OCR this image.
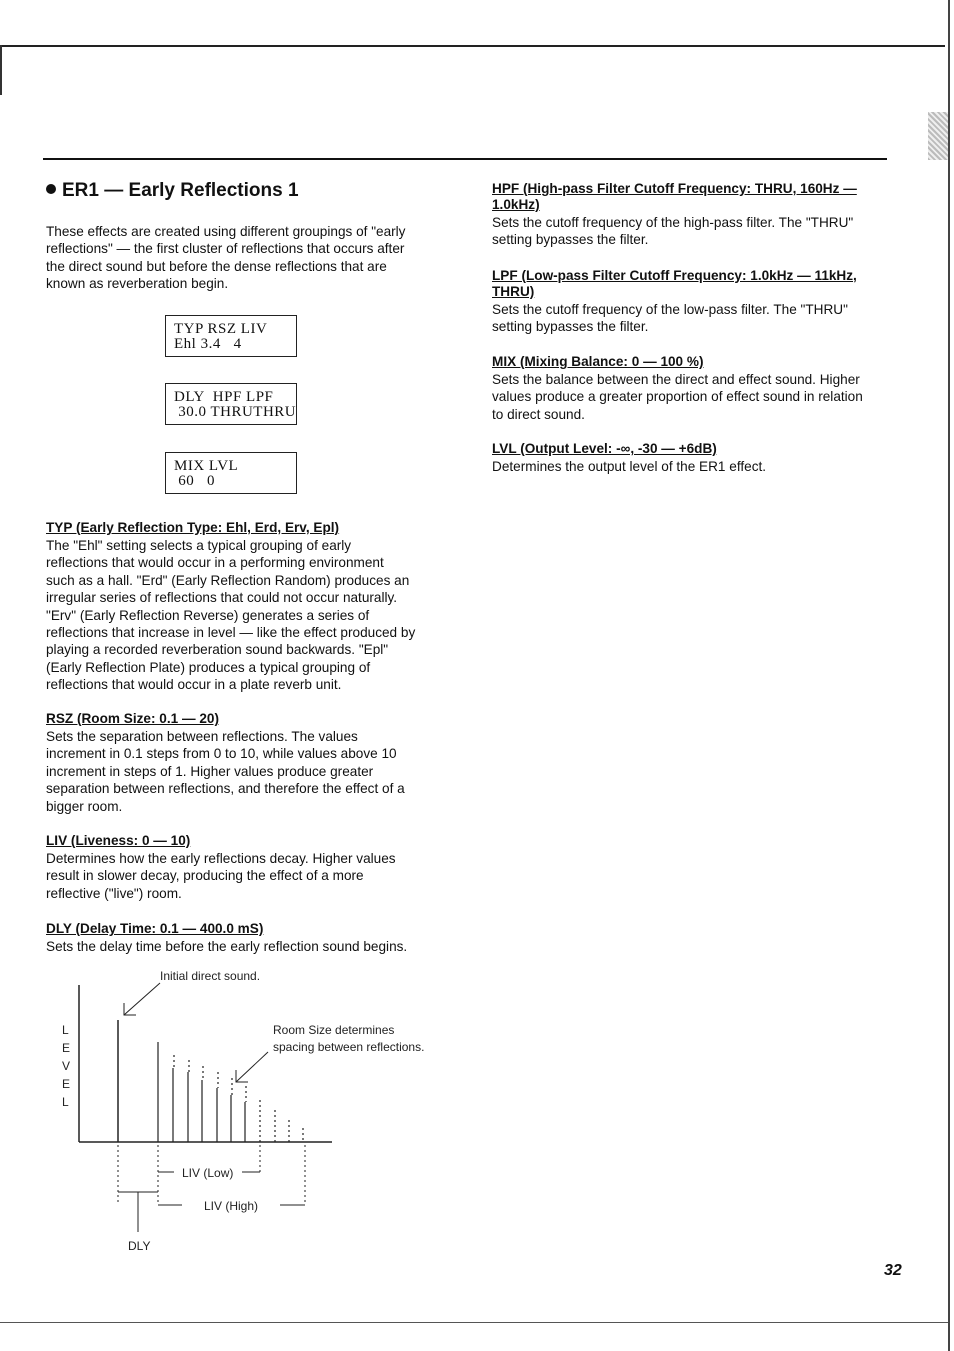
ER1 — Early Reflections 1
These effects are created using different groupings of "early
reflections" — the first cluster of reflections that occurs after
the direct sound but before the dense reflections that are
known as reverberation begin.
TYP RSZ LIV
Ehl 3.4   4
DLY  HPF LPF
30.0 THRUTHRU
MIX LVL
60   0
TYP (Early Reflection Type: Ehl, Erd, Erv, Epl)
The "Ehl" setting selects a typical grouping of early
reflections that would occur in a performing environment
such as a hall. "Erd" (Early Reflection Random) produces an
irregular series of reflections that could not occur naturally.
"Erv" (Early Reflection Reverse) generates a series of
reflections that increase in level — like the effect produced by
playing a recorded reverberation sound backwards. "Epl"
(Early Reflection Plate) produces a typical grouping of
reflections that would occur in a plate reverb unit.
RSZ (Room Size: 0.1 — 20)
Sets the separation between reflections. The values
increment in 0.1 steps from 0 to 10, while values above 10
increment in steps of 1. Higher values produce greater
separation between reflections, and therefore the effect of a
bigger room.
LIV (Liveness: 0 — 10)
Determines how the early reflections decay. Higher values
result in slower decay, producing the effect of a more
reflective ("live") room.
DLY (Delay Time: 0.1 — 400.0 mS)
Sets the delay time before the early reflection sound begins.
HPF (High-pass Filter Cutoff Frequency: THRU, 160Hz —
1.0kHz)
Sets the cutoff frequency of the high-pass filter. The "THRU"
setting bypasses the filter.
LPF (Low-pass Filter Cutoff Frequency: 1.0kHz — 11kHz,
THRU)
Sets the cutoff frequency of the low-pass filter. The "THRU"
setting bypasses the filter.
MIX (Mixing Balance: 0 — 100 %)
Sets the balance between the direct and effect sound. Higher
values produce a greater proportion of effect sound in relation
to direct sound.
LVL (Output Level: -∞, -30 — +6dB)
Determines the output level of the ER1 effect.
L
E
V
E
L
Initial direct sound.
Room Size determines
spacing between reflections.
LIV (Low)
LIV (High)
DLY
32
